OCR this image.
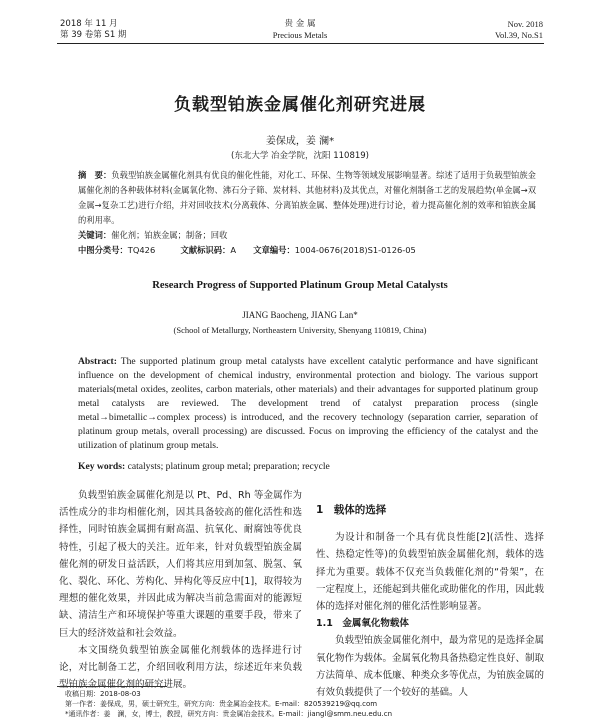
2018 年 11 月
第 39 卷第 S1 期
贵 金 属
Precious Metals
Nov. 2018
Vol.39, No.S1
负载型铂族金属催化剂研究进展
姜保成，姜 澜*
(东北大学 冶金学院，沈阳 110819)

摘　要：负载型铂族金属催化剂具有优良的催化性能，对化工、环保、生物等领域发展影响显著。综述了适用于负载型铂族金属催化剂的各种载体材料(金属氧化物、沸石分子筛、炭材料、其他材料)及其优点，对催化剂制备工艺的发展趋势(单金属→双金属→复杂工艺)进行介绍，并对回收技术(分离载体、分离铂族金属、整体处理)进行讨论，着力提高催化剂的效率和铂族金属的利用率。

关键词：催化剂；铂族金属；制备；回收
中图分类号：TQ426	文献标识码：A 文章编号：1004-0676(2018)S1-0126-05
Research Progress of Supported Platinum Group Metal Catalysts
JIANG Baocheng, JIANG Lan*
(School of Metallurgy, Northeastern University, Shenyang 110819, China)
Abstract: The supported platinum group metal catalysts have excellent catalytic performance and have significant influence on the development of chemical industry, environmental protection and biology. The various support materials(metal oxides, zeolites, carbon materials, other materials) and their advantages for supported platinum group metal catalysts are reviewed. The development trend of catalyst preparation process (single metal→bimetallic→complex process) is introduced, and the recovery technology (separation carrier, separation of platinum group metals, overall processing) are discussed. Focus on improving the efficiency of the catalyst and the utilization of platinum group metals.
Key words: catalysts; platinum group metal; preparation; recycle

负载型铂族金属催化剂是以 Pt、Pd、Rh 等金属作为活性成分的非均相催化剂，因其具备较高的催化活性和选择性，同时铂族金属拥有耐高温、抗氧化、耐腐蚀等优良特性，引起了极大的关注。近年来，针对负载型铂族金属催化剂的研发日益活跃，人们将其应用到加氢、脱氢、氧化、裂化、环化、芳构化、异构化等反应中[1]，取得较为理想的催化效果，并因此成为解决当前急需面对的能源短缺、清洁生产和环境保护等重大课题的重要手段，带来了巨大的经济效益和社会效益。

本文围绕负载型铂族金属催化剂载体的选择进行讨论，对比制备工艺，介绍回收利用方法，综述近年来负载型铂族金属催化剂的研究进展。

1　载体的选择

为设计和制备一个具有优良性能[2](活性、选择性、热稳定性等)的负载型铂族金属催化剂，载体的选择尤为重要。载体不仅充当负载催化剂的“骨架”，在一定程度上，还能起到共催化或助催化的作用，因此载体的选择对催化剂的催化活性影响显著。

1.1　金属氧化物载体

负载型铂族金属催化剂中，最为常见的是选择金属氧化物作为载体。金属氧化物具备热稳定性良好、制取方法简单、成本低廉、种类众多等优点，为铂族金属的有效负载提供了一个较好的基础。人

收稿日期：2018-08-03
第一作者：姜保成，男，硕士研究生，研究方向：贵金属冶金技术。E-mail：820539219@qq.com
*通讯作者：姜　澜，女，博士，教授，研究方向：贵金属冶金技术。E-mail：jiangl@smm.neu.edu.cn
